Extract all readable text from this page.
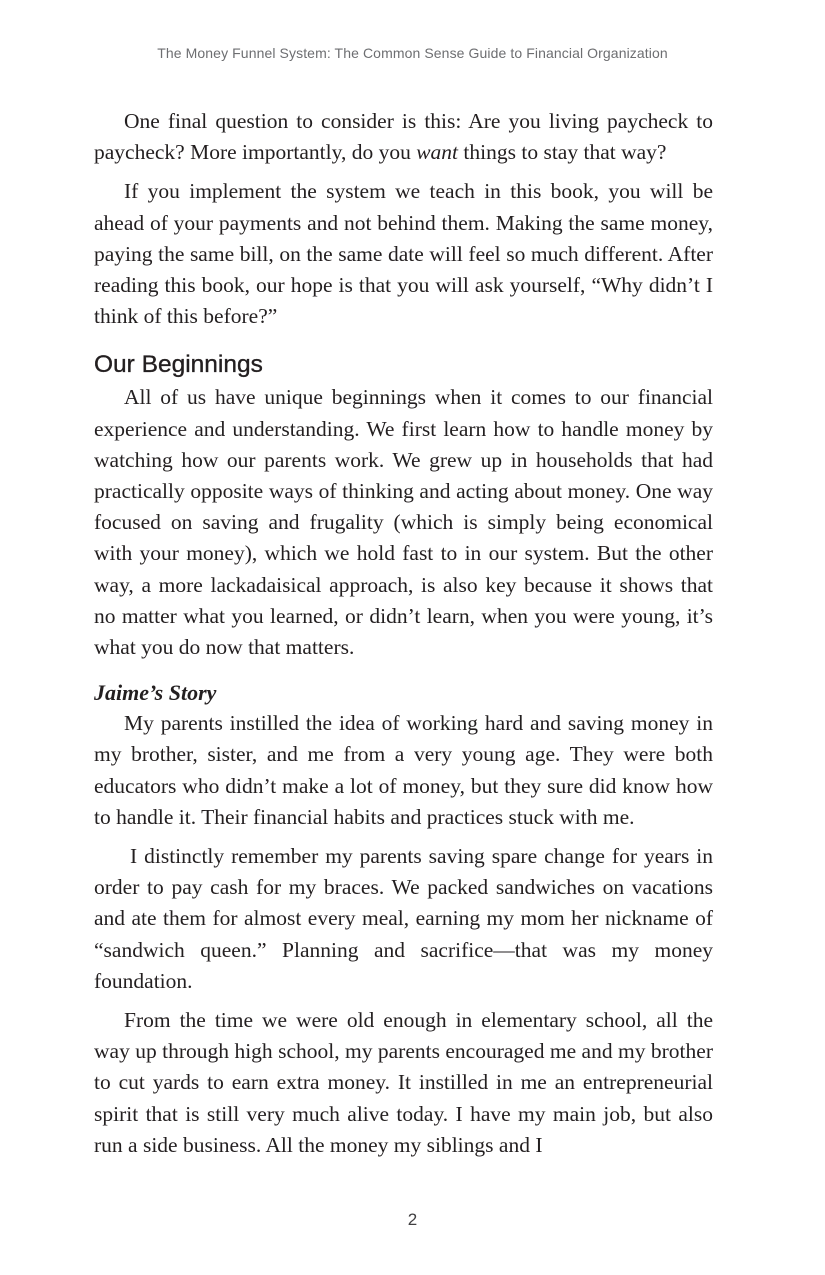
The Money Funnel System: The Common Sense Guide to Financial Organization

One final question to consider is this: Are you living paycheck to paycheck? More importantly, do you want things to stay that way?

If you implement the system we teach in this book, you will be ahead of your payments and not behind them. Making the same money, paying the same bill, on the same date will feel so much different. After reading this book, our hope is that you will ask yourself, “Why didn’t I think of this before?”

Our Beginnings

All of us have unique beginnings when it comes to our financial experience and understanding. We first learn how to handle money by watching how our parents work. We grew up in households that had practically opposite ways of thinking and acting about money. One way focused on saving and frugality (which is simply being economical with your money), which we hold fast to in our system. But the other way, a more lackadaisical approach, is also key because it shows that no matter what you learned, or didn’t learn, when you were young, it’s what you do now that matters.

Jaime’s Story

My parents instilled the idea of working hard and saving money in my brother, sister, and me from a very young age. They were both educators who didn’t make a lot of money, but they sure did know how to handle it. Their financial habits and practices stuck with me.

I distinctly remember my parents saving spare change for years in order to pay cash for my braces. We packed sandwiches on vacations and ate them for almost every meal, earning my mom her nickname of “sandwich queen.” Planning and sacrifice—that was my money foundation.

From the time we were old enough in elementary school, all the way up through high school, my parents encouraged me and my brother to cut yards to earn extra money. It instilled in me an entrepreneurial spirit that is still very much alive today. I have my main job, but also run a side business. All the money my siblings and I

2
